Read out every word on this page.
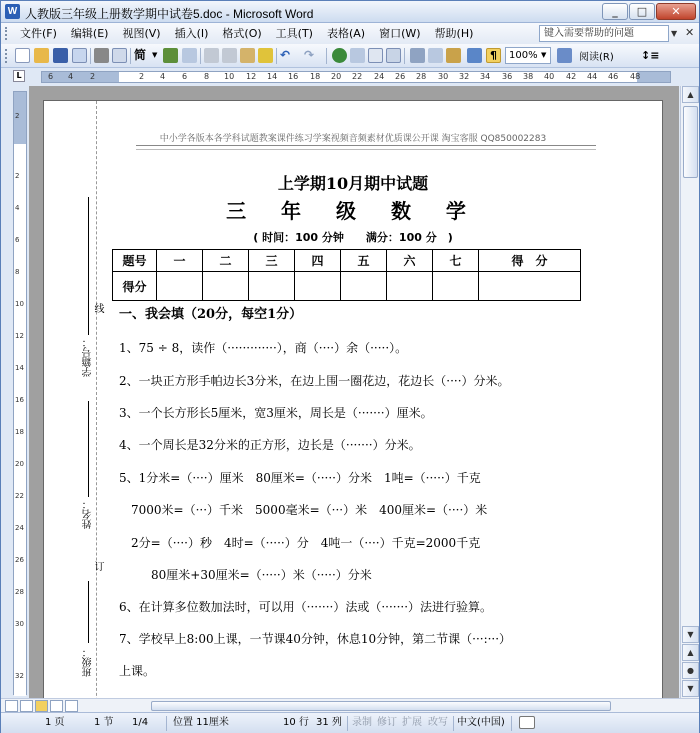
W 人教版三年级上册数学期中试卷5.doc - Microsoft Word	_	□	✕
文件(F)	编辑(E)	视图(V)	插入(I)	格式(O)	工具(T)	表格(A)	窗口(W)	帮助(H)	键入需要帮助的问题	▼ ✕
简 ▼	↶	↷	¶	100% ▼	阅读(R) ↕≡
L	6 4 2	2 4 6 8 10 12 14 16 18 20 22 24 26 28 30 32 34 36 38 40 42 44 46 48
2
2
4
6
8
10
12
14
16
18
20
22
24
26
28
30
32
学籍号：
线
姓名：
订
班级：
中小学各版本各学科试题教案课件练习学案视频音频素材优质课公开课 淘宝客服 QQ850002283
上学期10月期中试题
三 年 级 数 学
( 时间：100 分钟　　满分：100 分　)
题号	一	二	三	四	五	六	七	得　分
得分								
一、我会填（20分，每空1分）
1、75 ÷ 8，读作（·············），商（····）余（·····）。
2、一块正方形手帕边长3分米，在边上围一圈花边，花边长（····）分米。
3、一个长方形长5厘米，宽3厘米，周长是（·······）厘米。
4、一个周长是32分米的正方形，边长是（·······）分米。
5、1分米=（····）厘米　80厘米=（·····）分米　1吨=（·····）千克
　7000米=（···）千米　5000毫米=（···）米　400厘米=（····）米
　2分=（····）秒　4时=（·····）分　4吨一（····）千克=2000千克
　80厘米+30厘米=（·····）米（·····）分米
6、在计算多位数加法时，可以用（·······）法或（·······）法进行验算。
7、学校早上8:00上课，一节课40分钟，休息10分钟，第二节课（···:···）
上课。
▲
▼
▲
●
▼
1 页	1 节 1/4 位置 11厘米	10 行 31 列 录制 修订 扩展 改写 中文(中国)
